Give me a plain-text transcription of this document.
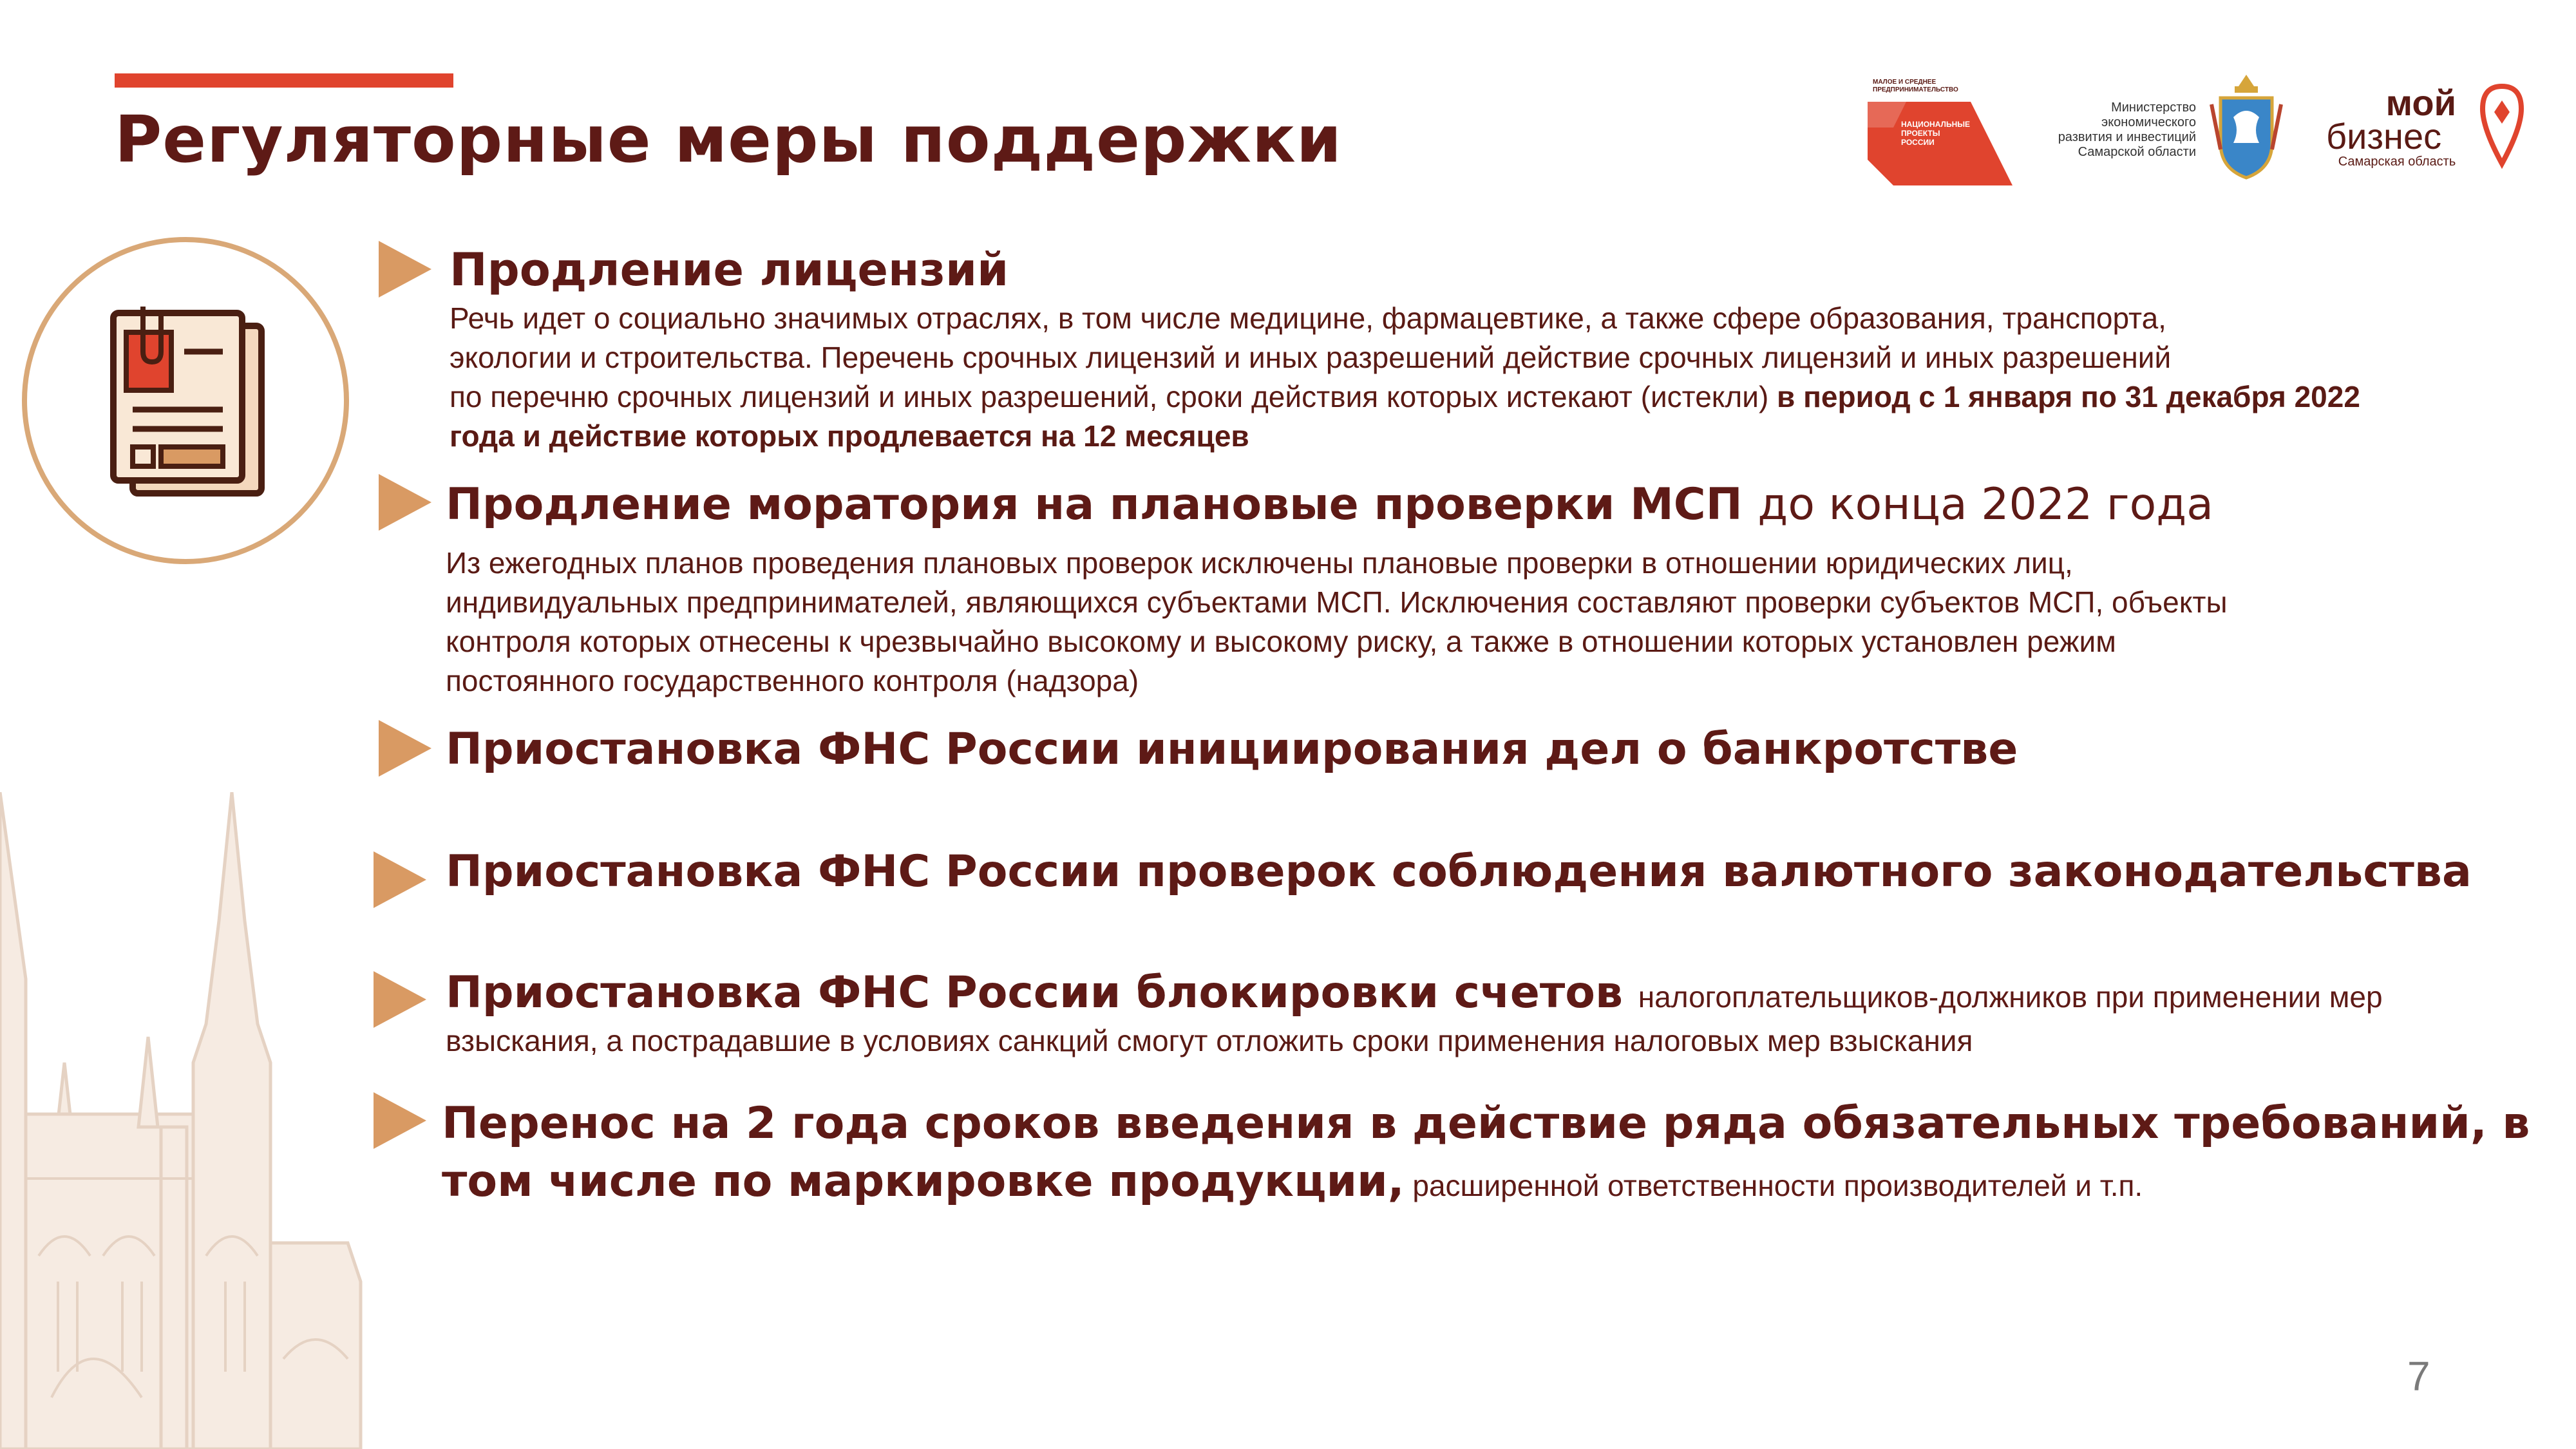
Регуляторные меры поддержки
МАЛОЕ И СРЕДНЕЕ
ПРЕДПРИНИМАТЕЛЬСТВО
НАЦИОНАЛЬНЫЕ
ПРОЕКТЫ
РОССИИ
Министерство
экономического
развития и инвестиций
Самарской области
мой
бизнес
Самарская область
Продление лицензий
Речь идет о социально значимых отраслях, в том числе медицине, фармацевтике, а также сфере образования, транспорта,
экологии и строительства. Перечень срочных лицензий и иных разрешений действие срочных лицензий и иных разрешений
по перечню срочных лицензий и иных разрешений, сроки действия которых истекают (истекли) в период с 1 января по 31 декабря 2022
года и действие которых продлевается на 12 месяцев
Продление моратория на плановые проверки МСП до конца 2022 года
Из ежегодных планов проведения плановых проверок исключены плановые проверки в отношении юридических лиц,
индивидуальных предпринимателей, являющихся субъектами МСП. Исключения составляют проверки субъектов МСП, объекты
контроля которых отнесены к чрезвычайно высокому и высокому риску, а также в отношении которых установлен режим
постоянного государственного контроля (надзора)
Приостановка ФНС России инициирования дел о банкротстве
Приостановка ФНС России проверок соблюдения валютного законодательства
Приостановка ФНС России блокировки счетов налогоплательщиков-должников при применении мер
взыскания, а пострадавшие в условиях санкций смогут отложить сроки применения налоговых мер взыскания
Перенос на 2 года сроков введения в действие ряда обязательных требований, в
том числе по маркировке продукции, расширенной ответственности производителей и т.п.
7
